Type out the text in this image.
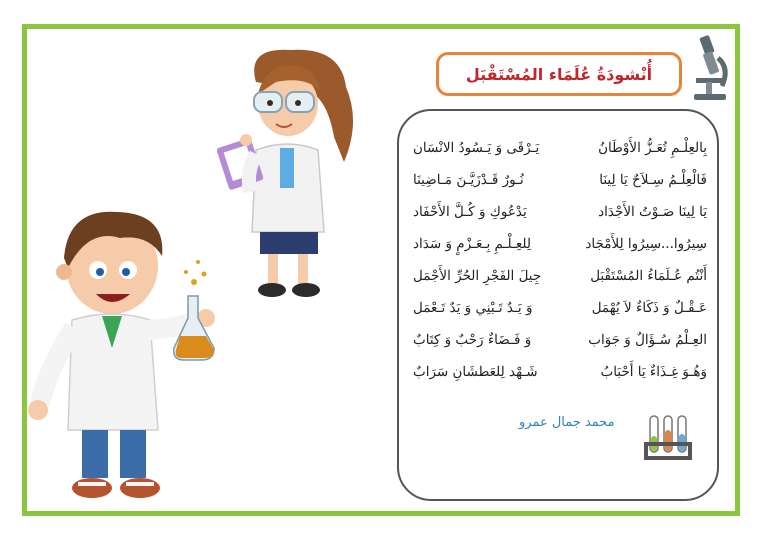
أُنْشودَةُ عُلَمَاء المُسْتَقْبَل
بِالعِلْـمِ تُعَـزُّ الأَوْطَانُ
يَـرْقَى وَ يَـسُودُ الانْسَان
فَالْعِلْـمُ سِـلاَحٌ يَا لِينَا
نُـورٌ قَـدْزَيَّـنَ مَـاضِينَا
يَا لِينَا صَـوْتُ الأَجْدَاد
يَدْعُوكِ وَ كُـلَّ الأَحْفَاد
سِيرُوا...سِيرُوا لِلأَمْجَاد
لِلعِـلْـمِ بِـعَـزْمٍ وَ سَدَاد
أَنْتُم عُـلَمَاءُ المُسْتَقْبَل
جِيلَ الفَجْرِ الحُرِّ الأَجْمَل
عَـقْـلٌ وَ ذَكَاءٌ لاَ يُهْمَل
وَ يَـدٌ تَـبْنِي وَ يَدٌ تَـعْمَل
العِـلْمُ سُـؤَالٌ وَ جَوَاب
وَ فَـضَاءٌ رَحْبٌ وَ كِتَابٌ
وَهُـوَ غِـذَاءٌ يَا أَحْبَابُ
شَـهْد لِلعَطشَانِ سَرَابٌ
محمد جمال عمرو
